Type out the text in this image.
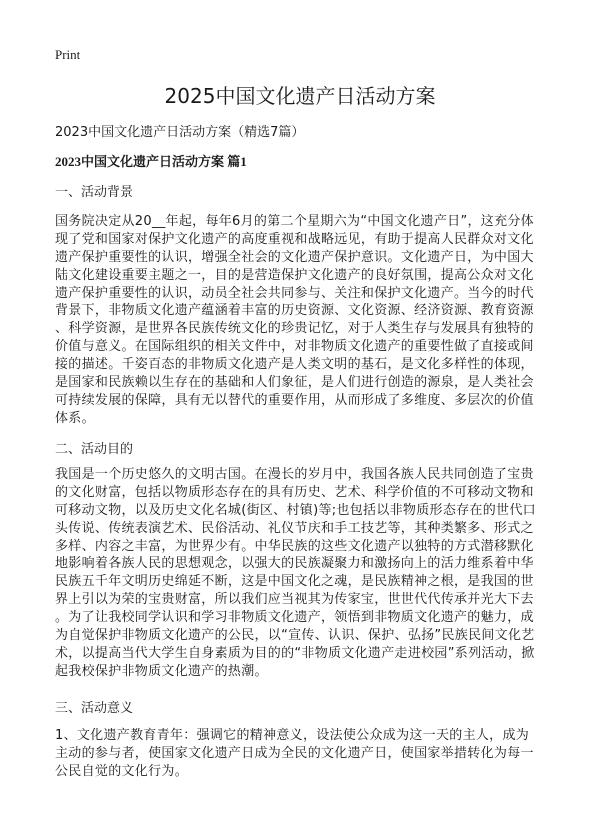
Print
2025中国文化遗产日活动方案
2023中国文化遗产日活动方案（精选7篇）
2023中国文化遗产日活动方案 篇1
一、活动背景
国务院决定从20__年起，每年6月的第二个星期六为“中国文化遗产日”，这充分体
现了党和国家对保护文化遗产的高度重视和战略远见，有助于提高人民群众对文化
遗产保护重要性的认识，增强全社会的文化遗产保护意识。文化遗产日，为中国大
陆文化建设重要主题之一，目的是营造保护文化遗产的良好氛围，提高公众对文化
遗产保护重要性的认识，动员全社会共同参与、关注和保护文化遗产。当今的时代
背景下，非物质文化遗产蕴涵着丰富的历史资源、文化资源、经济资源、教育资源
、科学资源，是世界各民族传统文化的珍贵记忆，对于人类生存与发展具有独特的
价值与意义。在国际组织的相关文件中，对非物质文化遗产的重要性做了直接或间
接的描述。千姿百态的非物质文化遗产是人类文明的基石，是文化多样性的体现，
是国家和民族赖以生存在的基础和人们象征，是人们进行创造的源泉，是人类社会
可持续发展的保障，具有无以替代的重要作用，从而形成了多维度、多层次的价值
体系。
二、活动目的
我国是一个历史悠久的文明古国。在漫长的岁月中，我国各族人民共同创造了宝贵
的文化财富，包括以物质形态存在的具有历史、艺术、科学价值的不可移动文物和
可移动文物，以及历史文化名城(街区、村镇)等;也包括以非物质形态存在的世代口
头传说、传统表演艺术、民俗活动、礼仪节庆和手工技艺等，其种类繁多、形式之
多样、内容之丰富，为世界少有。中华民族的这些文化遗产以独特的方式潜移默化
地影响着各族人民的思想观念，以强大的民族凝聚力和激扬向上的活力维系着中华
民族五千年文明历史绵延不断，这是中国文化之魂，是民族精神之根，是我国的世
界上引以为荣的宝贵财富，所以我们应当视其为传家宝，世世代代传承并光大下去
。为了让我校同学认识和学习非物质文化遗产，领悟到非物质文化遗产的魅力，成
为自觉保护非物质文化遗产的公民，以“宣传、认识、保护、弘扬”民族民间文化艺
术，以提高当代大学生自身素质为目的的“非物质文化遗产走进校园”系列活动，掀
起我校保护非物质文化遗产的热潮。
三、活动意义
1、文化遗产教育青年：强调它的精神意义，设法使公众成为这一天的主人，成为
主动的参与者，使国家文化遗产日成为全民的文化遗产日，使国家举措转化为每一
公民自觉的文化行为。
